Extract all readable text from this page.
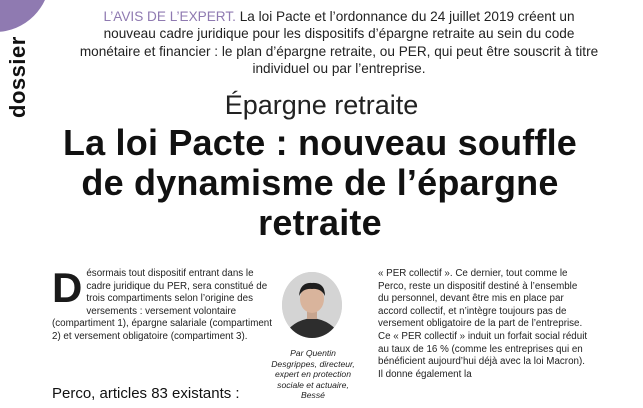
dossier
L’AVIS DE L’EXPERT. La loi Pacte et l’ordonnance du 24 juillet 2019 créent un nouveau cadre juridique pour les dispositifs d’épargne retraite au sein du code monétaire et financier : le plan d’épargne retraite, ou PER, qui peut être souscrit à titre individuel ou par l’entreprise.
Épargne retraite
La loi Pacte : nouveau souffle de dynamisme de l’épargne retraite
Désormais tout dispositif entrant dans le cadre juridique du PER, sera constitué de trois compartiments selon l’origine des versements : versement volontaire (compartiment 1), épargne salariale (compartiment 2) et versement obligatoire (compartiment 3).
Perco, articles 83 existants :
Par Quentin Desgrippes, directeur, expert en protection sociale et actuaire, Bessé

« PER collectif ». Ce dernier, tout comme le Perco, reste un dispositif destiné à l’ensemble du personnel, devant être mis en place par accord collectif, et n’intègre toujours pas de versement obligatoire de la part de l’entreprise.

Ce « PER collectif » induit un forfait social réduit au taux de 16 % (comme les entreprises qui en bénéficient aujourd’hui déjà avec la loi Macron). Il donne également la
